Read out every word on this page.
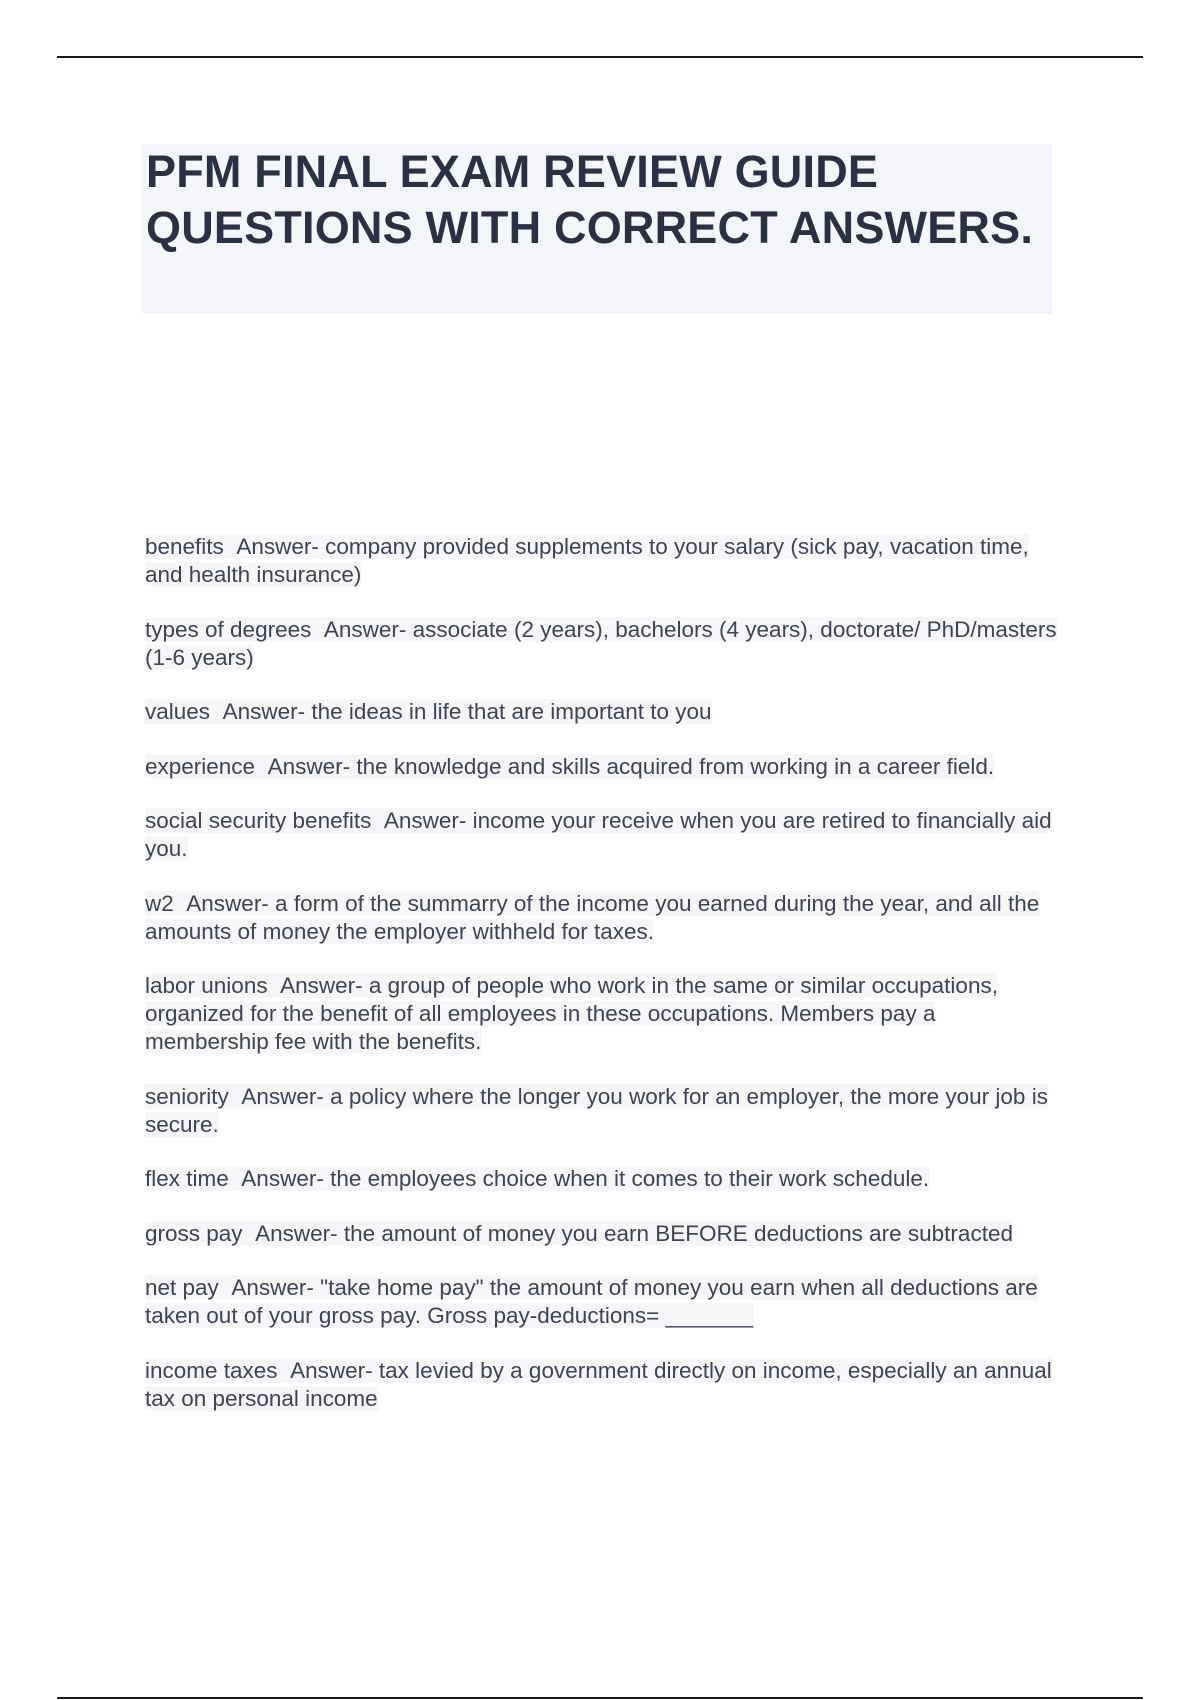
PFM FINAL EXAM REVIEW GUIDE QUESTIONS WITH CORRECT ANSWERS.

benefits Answer- company provided supplements to your salary (sick pay, vacation time, and health insurance)

types of degrees Answer- associate (2 years), bachelors (4 years), doctorate/ PhD/masters (1-6 years)

values Answer- the ideas in life that are important to you

experience Answer- the knowledge and skills acquired from working in a career field.

social security benefits Answer- income your receive when you are retired to financially aid you.

w2 Answer- a form of the summarry of the income you earned during the year, and all the amounts of money the employer withheld for taxes.

labor unions Answer- a group of people who work in the same or similar occupations, organized for the benefit of all employees in these occupations. Members pay a membership fee with the benefits.

seniority Answer- a policy where the longer you work for an employer, the more your job is secure.

flex time Answer- the employees choice when it comes to their work schedule.

gross pay Answer- the amount of money you earn BEFORE deductions are subtracted

net pay Answer- "take home pay" the amount of money you earn when all deductions are taken out of your gross pay. Gross pay-deductions= _______

income taxes Answer- tax levied by a government directly on income, especially an annual tax on personal income
